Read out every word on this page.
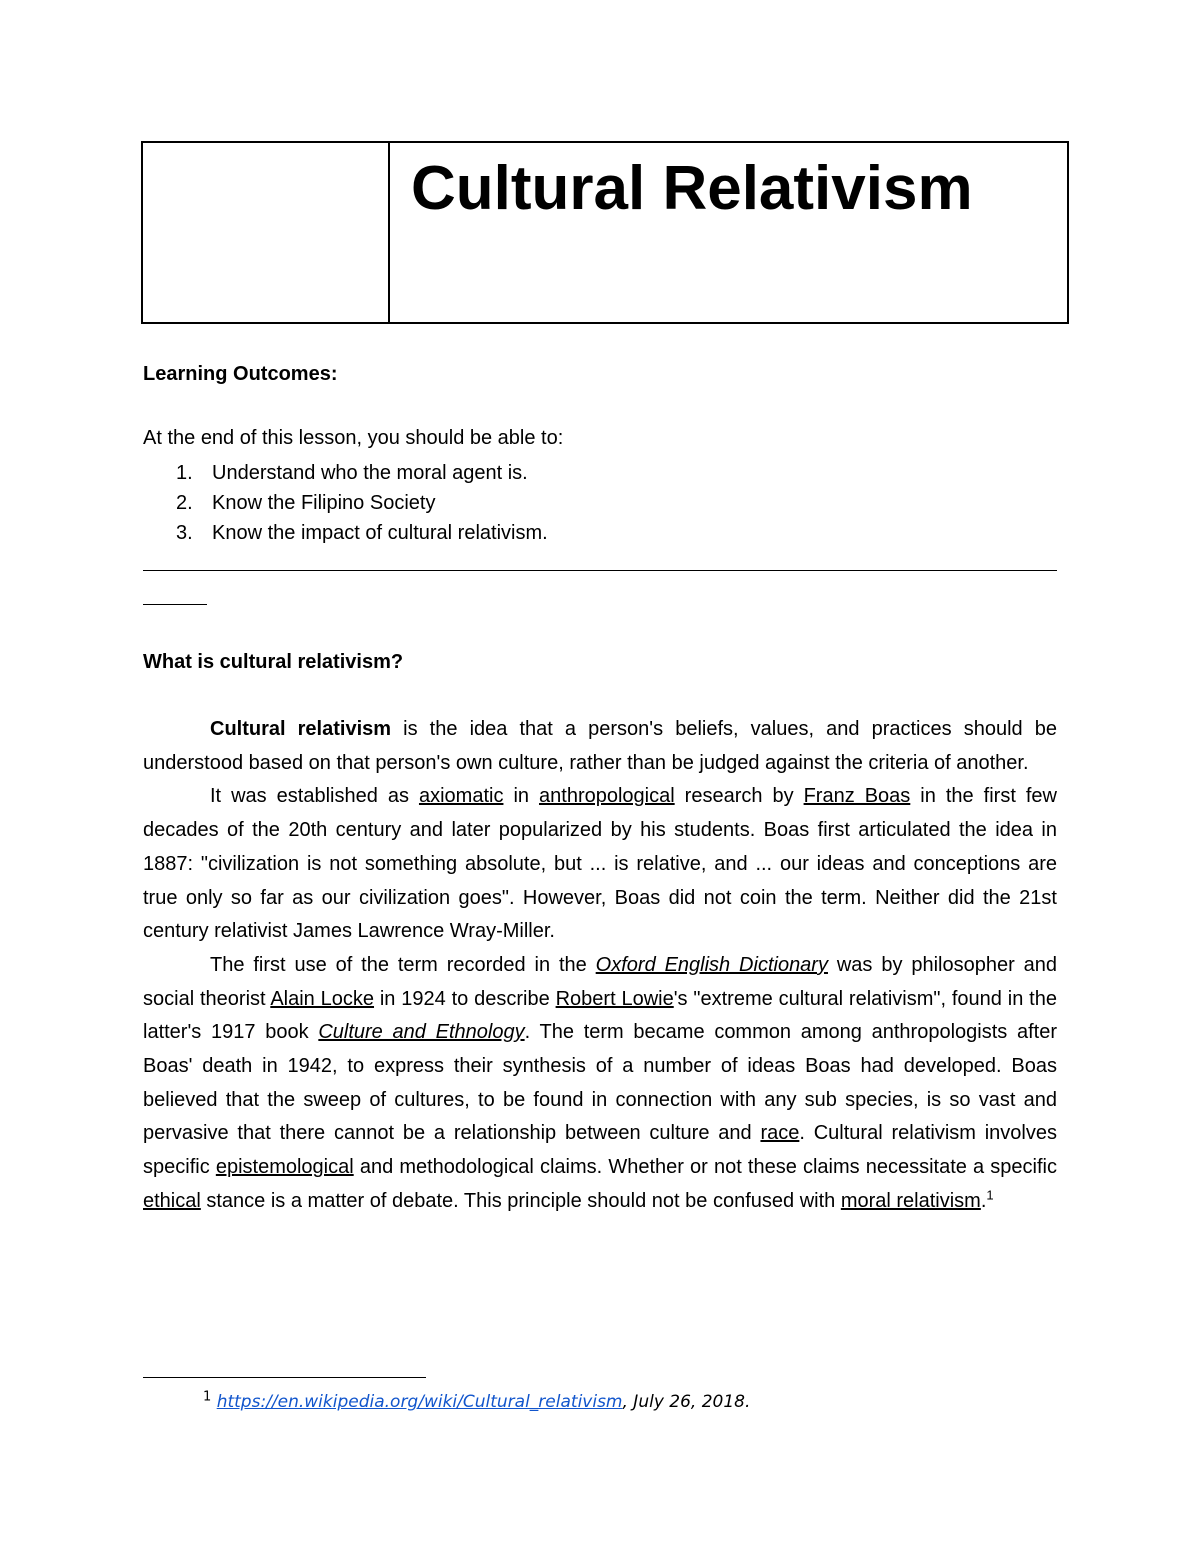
Cultural Relativism
Learning Outcomes:

At the end of this lesson, you should be able to:

1. Understand who the moral agent is.
2. Know the Filipino Society
3. Know the impact of cultural relativism.
What is cultural relativism?

Cultural relativism is the idea that a person's beliefs, values, and practices should be understood based on that person's own culture, rather than be judged against the criteria of another.

It was established as axiomatic in anthropological research by Franz Boas in the first few decades of the 20th century and later popularized by his students. Boas first articulated the idea in 1887: "civilization is not something absolute, but ... is relative, and ... our ideas and conceptions are true only so far as our civilization goes". However, Boas did not coin the term. Neither did the 21st century relativist James Lawrence Wray-Miller.

The first use of the term recorded in the Oxford English Dictionary was by philosopher and social theorist Alain Locke in 1924 to describe Robert Lowie's "extreme cultural relativism", found in the latter's 1917 book Culture and Ethnology. The term became common among anthropologists after Boas' death in 1942, to express their synthesis of a number of ideas Boas had developed. Boas believed that the sweep of cultures, to be found in connection with any sub species, is so vast and pervasive that there cannot be a relationship between culture and race. Cultural relativism involves specific epistemological and methodological claims. Whether or not these claims necessitate a specific ethical stance is a matter of debate. This principle should not be confused with moral relativism.$^1$

$^1$ https://en.wikipedia.org/wiki/Cultural_relativism, July 26, 2018.
